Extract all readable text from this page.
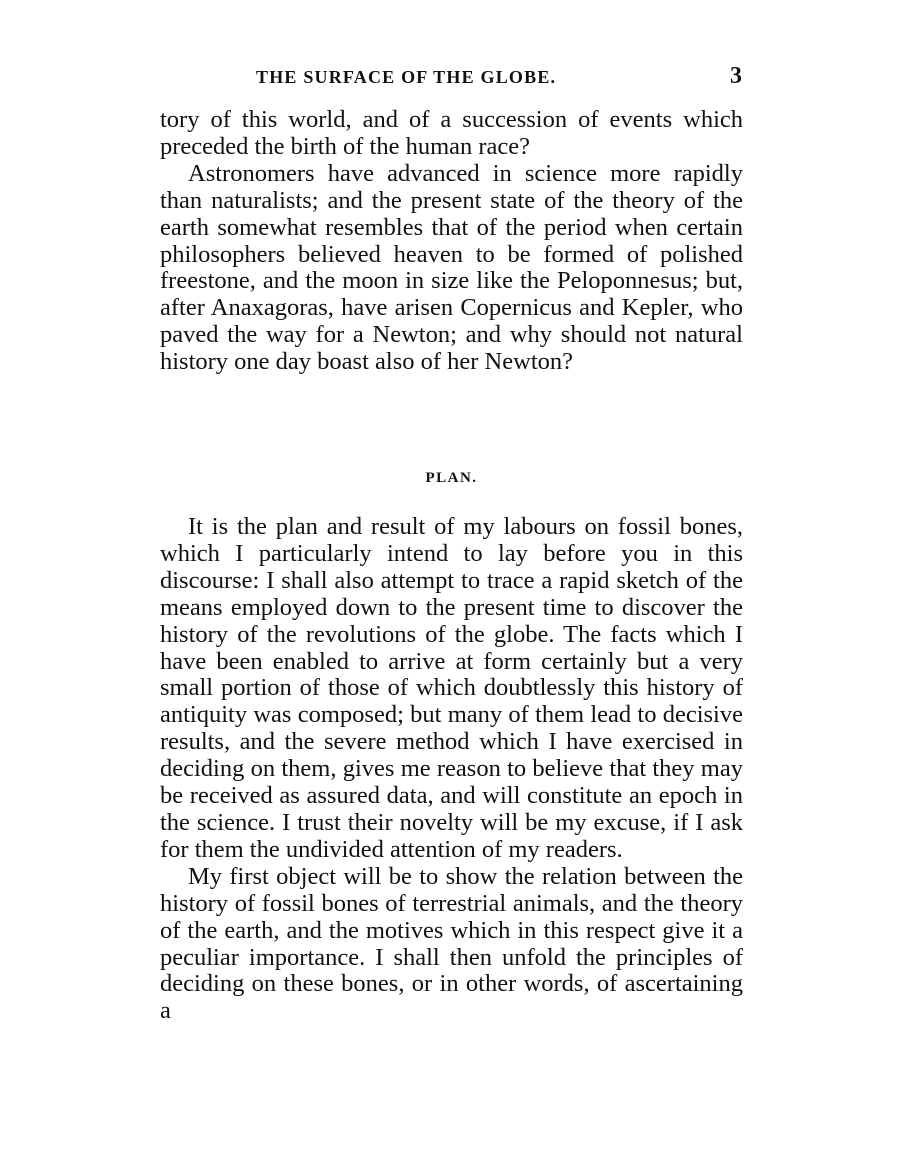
THE SURFACE OF THE GLOBE.	3

tory of this world, and of a succession of events which preceded the birth of the human race?

Astronomers have advanced in science more rapidly than naturalists; and the present state of the theory of the earth somewhat resembles that of the period when certain philosophers believed heaven to be formed of polished freestone, and the moon in size like the Peloponnesus; but, after Anaxagoras, have arisen Copernicus and Kepler, who paved the way for a Newton; and why should not natural history one day boast also of her Newton?

PLAN.

It is the plan and result of my labours on fossil bones, which I particularly intend to lay before you in this discourse: I shall also attempt to trace a rapid sketch of the means employed down to the present time to discover the history of the revolutions of the globe. The facts which I have been enabled to arrive at form certainly but a very small portion of those of which doubtlessly this history of antiquity was composed; but many of them lead to decisive results, and the severe method which I have exercised in deciding on them, gives me reason to believe that they may be received as assured data, and will constitute an epoch in the science. I trust their novelty will be my excuse, if I ask for them the undivided attention of my readers.

My first object will be to show the relation between the history of fossil bones of terrestrial animals, and the theory of the earth, and the motives which in this respect give it a peculiar importance. I shall then unfold the principles of deciding on these bones, or in other words, of ascertaining a
